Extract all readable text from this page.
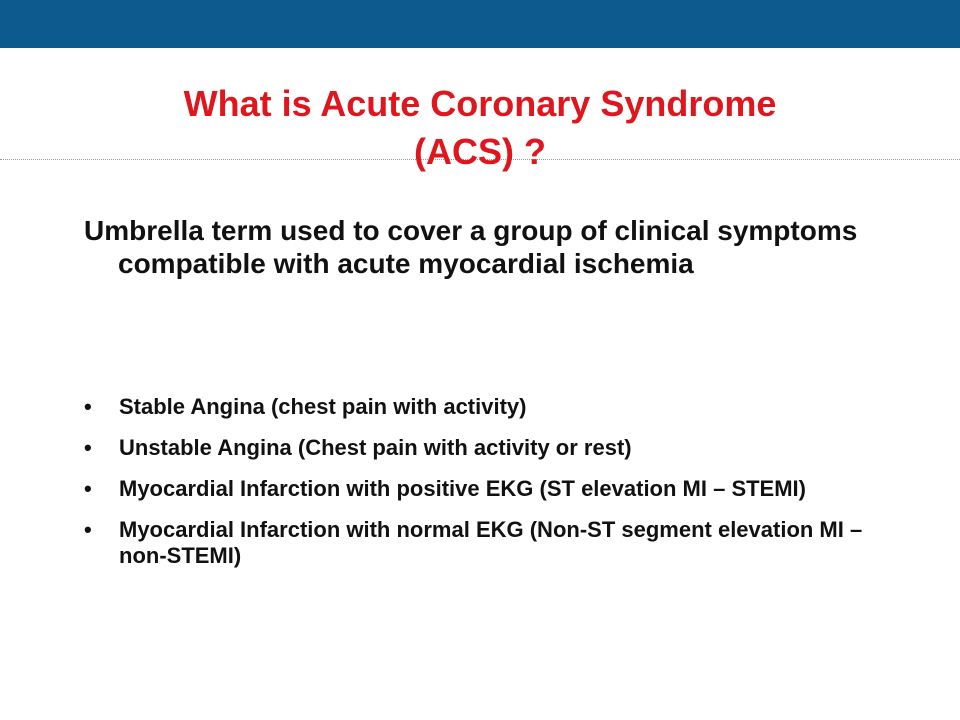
What is Acute Coronary Syndrome
(ACS) ?

Umbrella term used to cover a group of clinical symptoms compatible with acute myocardial ischemia

• Stable Angina (chest pain with activity)
• Unstable Angina (Chest pain with activity or rest)
• Myocardial Infarction with positive EKG (ST elevation MI – STEMI)
• Myocardial Infarction with normal EKG (Non-ST segment elevation MI – non-STEMI)
